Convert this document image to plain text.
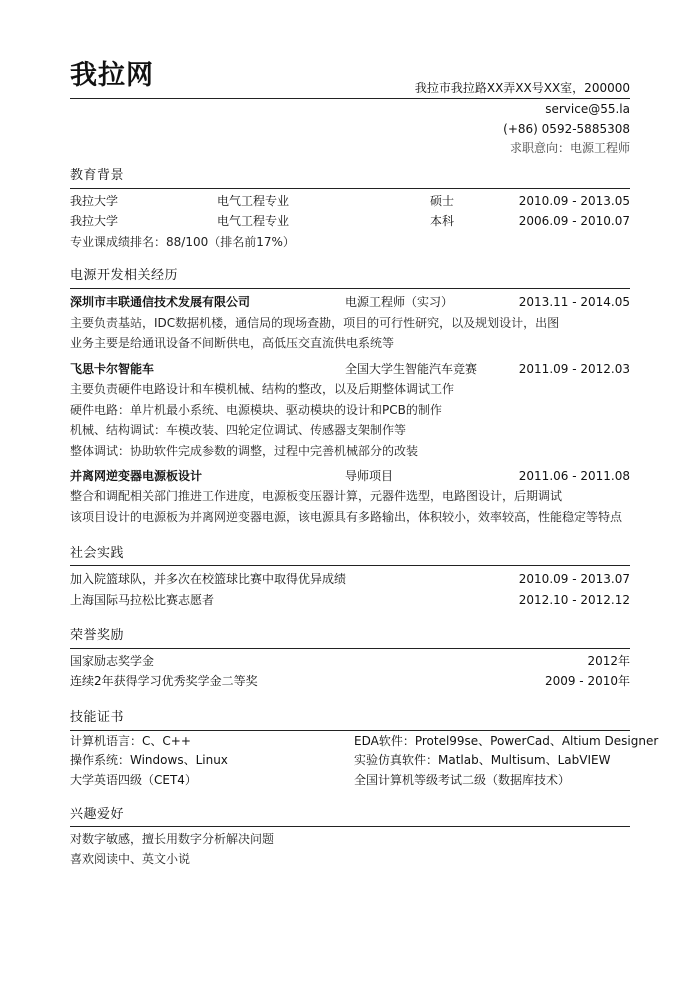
我拉网	我拉市我拉路XX弄XX号XX室，200000
service@55.la
(+86) 0592-5885308
求职意向：电源工程师
教育背景
我拉大学	电气工程专业	硕士	2010.09 - 2013.05
我拉大学	电气工程专业	本科	2006.09 - 2010.07
专业课成绩排名：88/100（排名前17%）
电源开发相关经历
深圳市丰联通信技术发展有限公司	电源工程师（实习）	2013.11 - 2014.05
主要负责基站，IDC数据机楼，通信局的现场查勘，项目的可行性研究，以及规划设计，出图
业务主要是给通讯设备不间断供电，高低压交直流供电系统等
飞思卡尔智能车	全国大学生智能汽车竞赛	2011.09 - 2012.03
主要负责硬件电路设计和车模机械、结构的整改，以及后期整体调试工作
硬件电路：单片机最小系统、电源模块、驱动模块的设计和PCB的制作
机械、结构调试：车模改装、四轮定位调试、传感器支架制作等
整体调试：协助软件完成参数的调整，过程中完善机械部分的改装
并离网逆变器电源板设计	导师项目	2011.06 - 2011.08
整合和调配相关部门推进工作进度，电源板变压器计算，元器件选型，电路图设计，后期调试
该项目设计的电源板为并离网逆变器电源，该电源具有多路输出，体积较小，效率较高，性能稳定等特点
社会实践
加入院篮球队，并多次在校篮球比赛中取得优异成绩	2010.09 - 2013.07
上海国际马拉松比赛志愿者	2012.10 - 2012.12
荣誉奖励
国家励志奖学金	2012年
连续2年获得学习优秀奖学金二等奖	2009 - 2010年
技能证书
计算机语言：C、C++	EDA软件：Protel99se、PowerCad、Altium Designer
操作系统：Windows、Linux	实验仿真软件：Matlab、Multisum、LabVIEW
大学英语四级（CET4）	全国计算机等级考试二级（数据库技术）
兴趣爱好
对数字敏感，擅长用数字分析解决问题
喜欢阅读中、英文小说
